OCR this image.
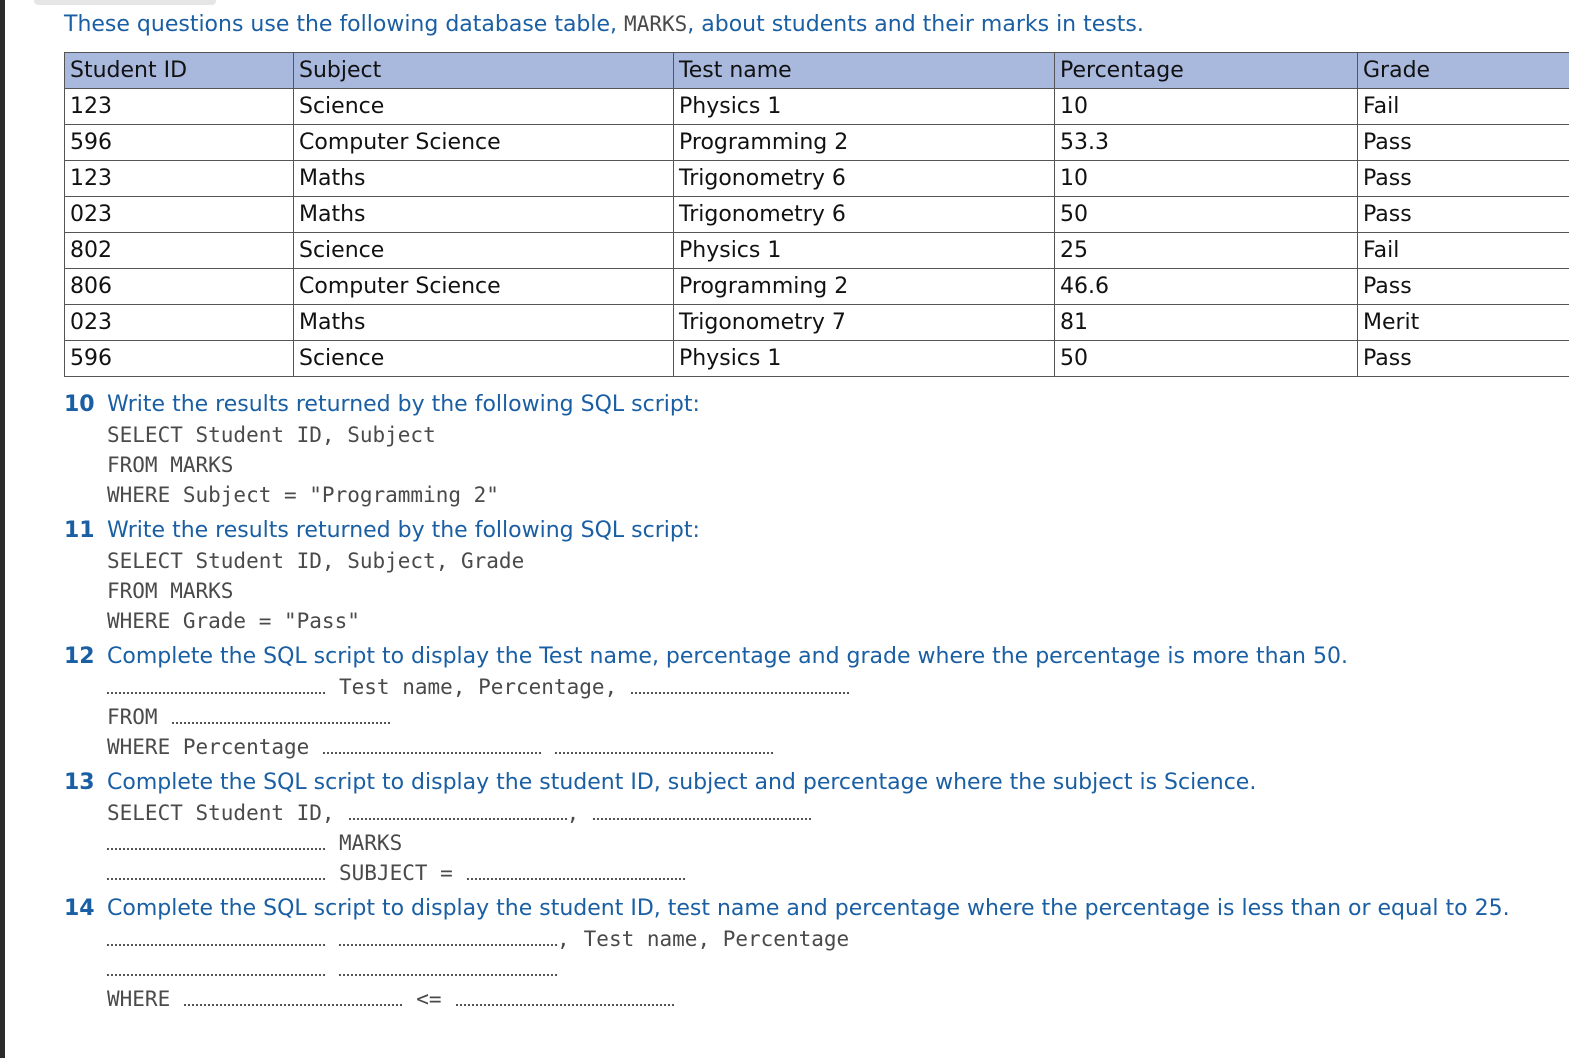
These questions use the following database table, MARKS, about students and their marks in tests.
Student ID	Subject	Test name	Percentage	Grade
123	Science	Physics 1	10	Fail
596	Computer Science	Programming 2	53.3	Pass
123	Maths	Trigonometry 6	10	Pass
023	Maths	Trigonometry 6	50	Pass
802	Science	Physics 1	25	Fail
806	Computer Science	Programming 2	46.6	Pass
023	Maths	Trigonometry 7	81	Merit
596	Science	Physics 1	50	Pass
10 Write the results returned by the following SQL script:
SELECT Student ID, Subject
FROM MARKS
WHERE Subject = "Programming 2"
11 Write the results returned by the following SQL script:
SELECT Student ID, Subject, Grade
FROM MARKS
WHERE Grade = "Pass"
12 Complete the SQL script to display the Test name, percentage and grade where the percentage is more than 50.
Test name, Percentage,
FROM
WHERE Percentage
13 Complete the SQL script to display the student ID, subject and percentage where the subject is Science.
SELECT Student ID,	,
MARKS
SUBJECT =
14 Complete the SQL script to display the student ID, test name and percentage where the percentage is less than or equal to 25.
, Test name, Percentage
WHERE	<=
